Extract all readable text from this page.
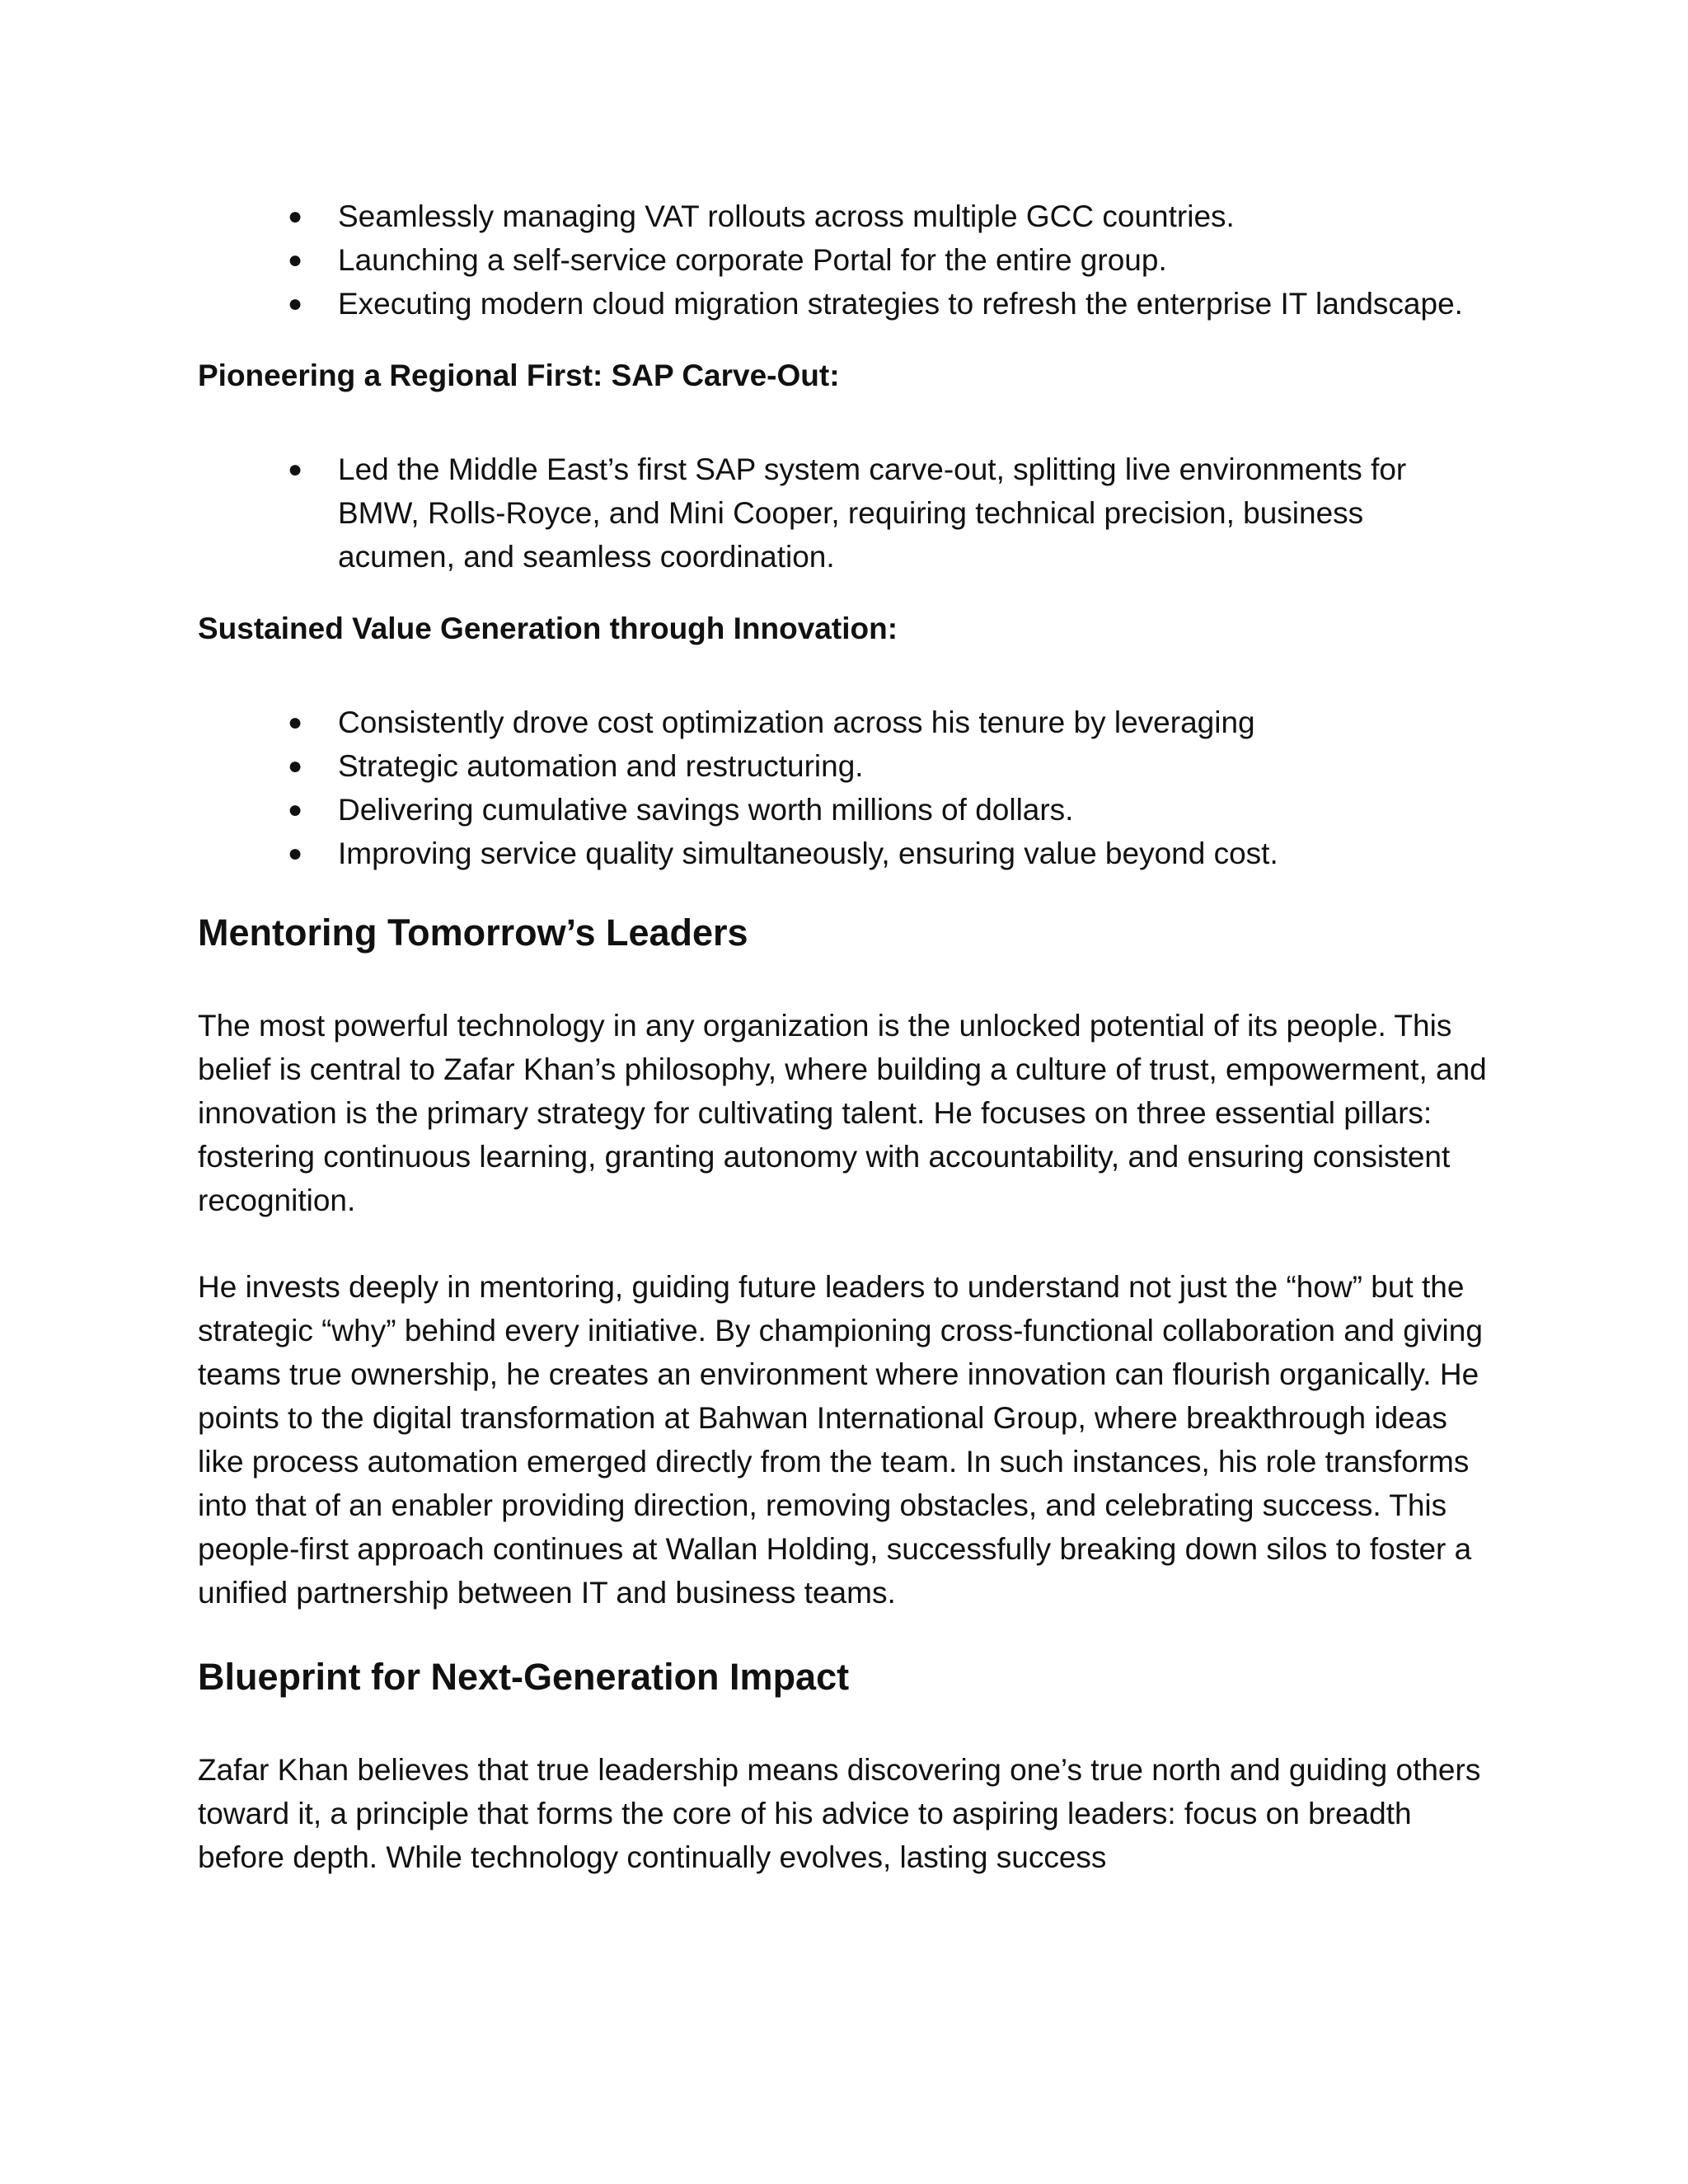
● Seamlessly managing VAT rollouts across multiple GCC countries.
● Launching a self-service corporate Portal for the entire group.
● Executing modern cloud migration strategies to refresh the enterprise IT landscape.
Pioneering a Regional First: SAP Carve-Out:
● Led the Middle East’s first SAP system carve-out, splitting live environments for BMW, Rolls-Royce, and Mini Cooper, requiring technical precision, business acumen, and seamless coordination.
Sustained Value Generation through Innovation:
● Consistently drove cost optimization across his tenure by leveraging
● Strategic automation and restructuring.
● Delivering cumulative savings worth millions of dollars.
● Improving service quality simultaneously, ensuring value beyond cost.
Mentoring Tomorrow’s Leaders

The most powerful technology in any organization is the unlocked potential of its people. This belief is central to Zafar Khan’s philosophy, where building a culture of trust, empowerment, and innovation is the primary strategy for cultivating talent. He focuses on three essential pillars: fostering continuous learning, granting autonomy with accountability, and ensuring consistent recognition.

He invests deeply in mentoring, guiding future leaders to understand not just the “how” but the strategic “why” behind every initiative. By championing cross-functional collaboration and giving teams true ownership, he creates an environment where innovation can flourish organically. He points to the digital transformation at Bahwan International Group, where breakthrough ideas like process automation emerged directly from the team. In such instances, his role transforms into that of an enabler providing direction, removing obstacles, and celebrating success. This people-first approach continues at Wallan Holding, successfully breaking down silos to foster a unified partnership between IT and business teams.

Blueprint for Next-Generation Impact

Zafar Khan believes that true leadership means discovering one’s true north and guiding others toward it, a principle that forms the core of his advice to aspiring leaders: focus on breadth before depth. While technology continually evolves, lasting success
